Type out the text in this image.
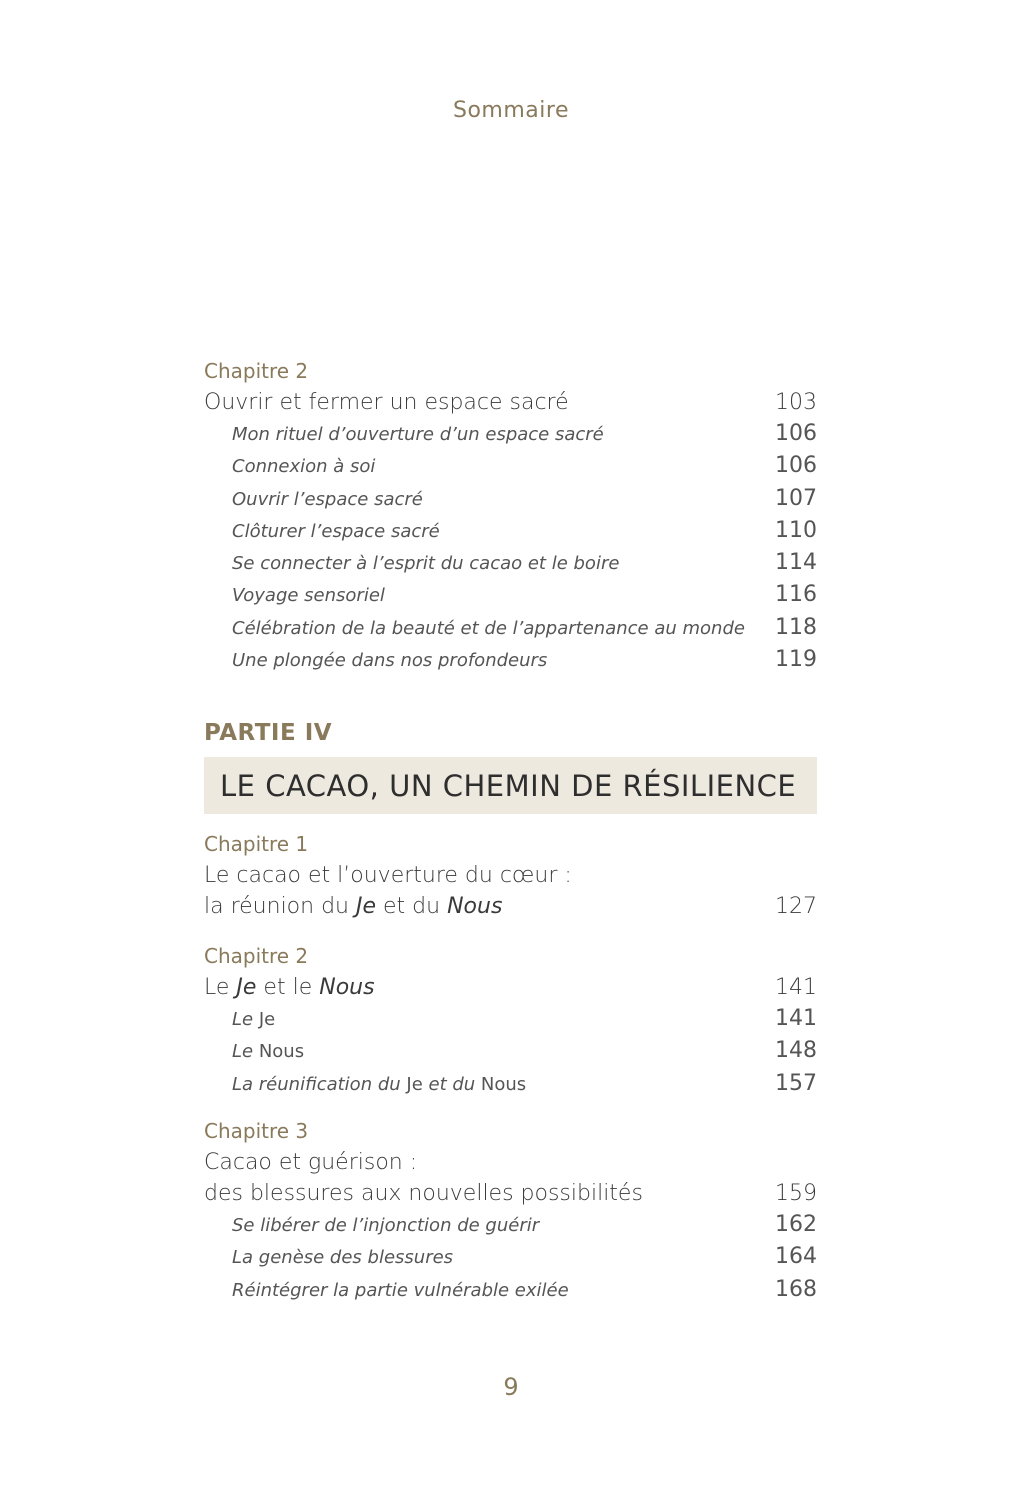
Sommaire
Chapitre 2
Ouvrir et fermer un espace sacré	103
Mon rituel d’ouverture d’un espace sacré	106
Connexion à soi	106
Ouvrir l’espace sacré	107
Clôturer l’espace sacré	110
Se connecter à l’esprit du cacao et le boire	114
Voyage sensoriel	116
Célébration de la beauté et de l’appartenance au monde	118
Une plongée dans nos profondeurs	119
PARTIE IV
LE CACAO, UN CHEMIN DE RÉSILIENCE
Chapitre 1
Le cacao et l’ouverture du cœur :
la réunion du Je et du Nous	127
Chapitre 2
Le Je et le Nous	141
Le Je	141
Le Nous	148
La réunification du Je et du Nous	157
Chapitre 3
Cacao et guérison :
des blessures aux nouvelles possibilités	159
Se libérer de l’injonction de guérir	162
La genèse des blessures	164
Réintégrer la partie vulnérable exilée	168
9
